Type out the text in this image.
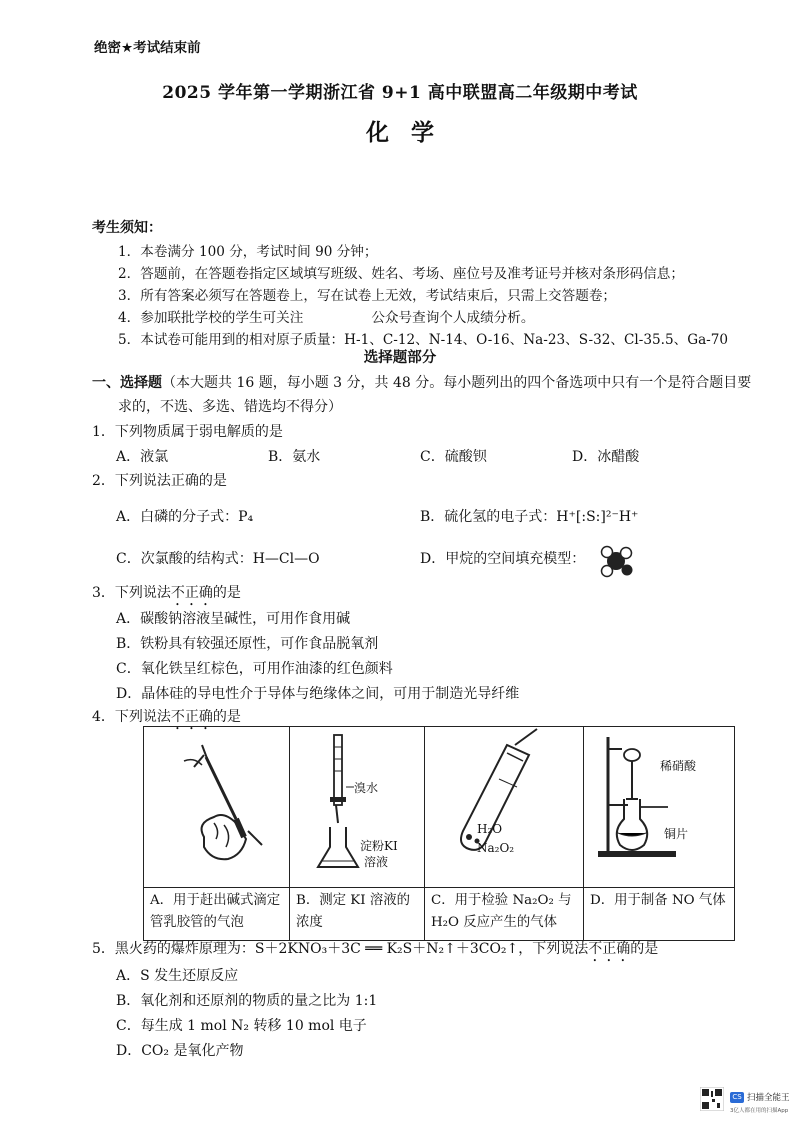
绝密★考试结束前
2025 学年第一学期浙江省 9+1 高中联盟高二年级期中考试
化学
考生须知：
1．本卷满分 100 分，考试时间 90 分钟；
2．答题前，在答题卷指定区域填写班级、姓名、考场、座位号及准考证号并核对条形码信息；
3．所有答案必须写在答题卷上，写在试卷上无效，考试结束后，只需上交答题卷；
4．参加联批学校的学生可关注　　　　　公众号查询个人成绩分析。
5．本试卷可能用到的相对原子质量：H-1、C-12、N-14、O-16、Na-23、S-32、Cl-35.5、Ga-70
选择题部分
一、选择题（本大题共 16 题，每小题 3 分，共 48 分。每小题列出的四个备选项中只有一个是符合题目要
求的，不选、多选、错选均不得分）
1．下列物质属于弱电解质的是
A．液氯	B．氨水	C．硫酸钡	D．冰醋酸
2．下列说法正确的是
A．白磷的分子式：P₄	B．硫化氢的电子式：H⁺[:S:]²⁻H⁺
C．次氯酸的结构式：H—Cl—O	D．甲烷的空间填充模型：
3．下列说法不正确的是
A．碳酸钠溶液呈碱性，可用作食用碱
B．铁粉具有较强还原性，可作食品脱氧剂
C．氧化铁呈红棕色，可用作油漆的红色颜料
D．晶体硅的导电性介于导体与绝缘体之间，可用于制造光导纤维
4．下列说法不正确的是

溴水
淀粉KI
溶液	H₂O
Na₂O₂	稀硝酸
铜片

A．用于赶出碱式滴定管乳胶管的气泡	B．测定 KI 溶液的浓度	C．用于检验 Na₂O₂ 与 H₂O 反应产生的气体	D．用于制备 NO 气体
5．黑火药的爆炸原理为：S＋2KNO₃＋3C ══ K₂S＋N₂↑＋3CO₂↑，下列说法不正确的是
A．S 发生还原反应
B．氧化剂和还原剂的物质的量之比为 1:1
C．每生成 1 mol N₂ 转移 10 mol 电子
D．CO₂ 是氧化产物
CS 扫描全能王
3亿人都在用的扫描App
